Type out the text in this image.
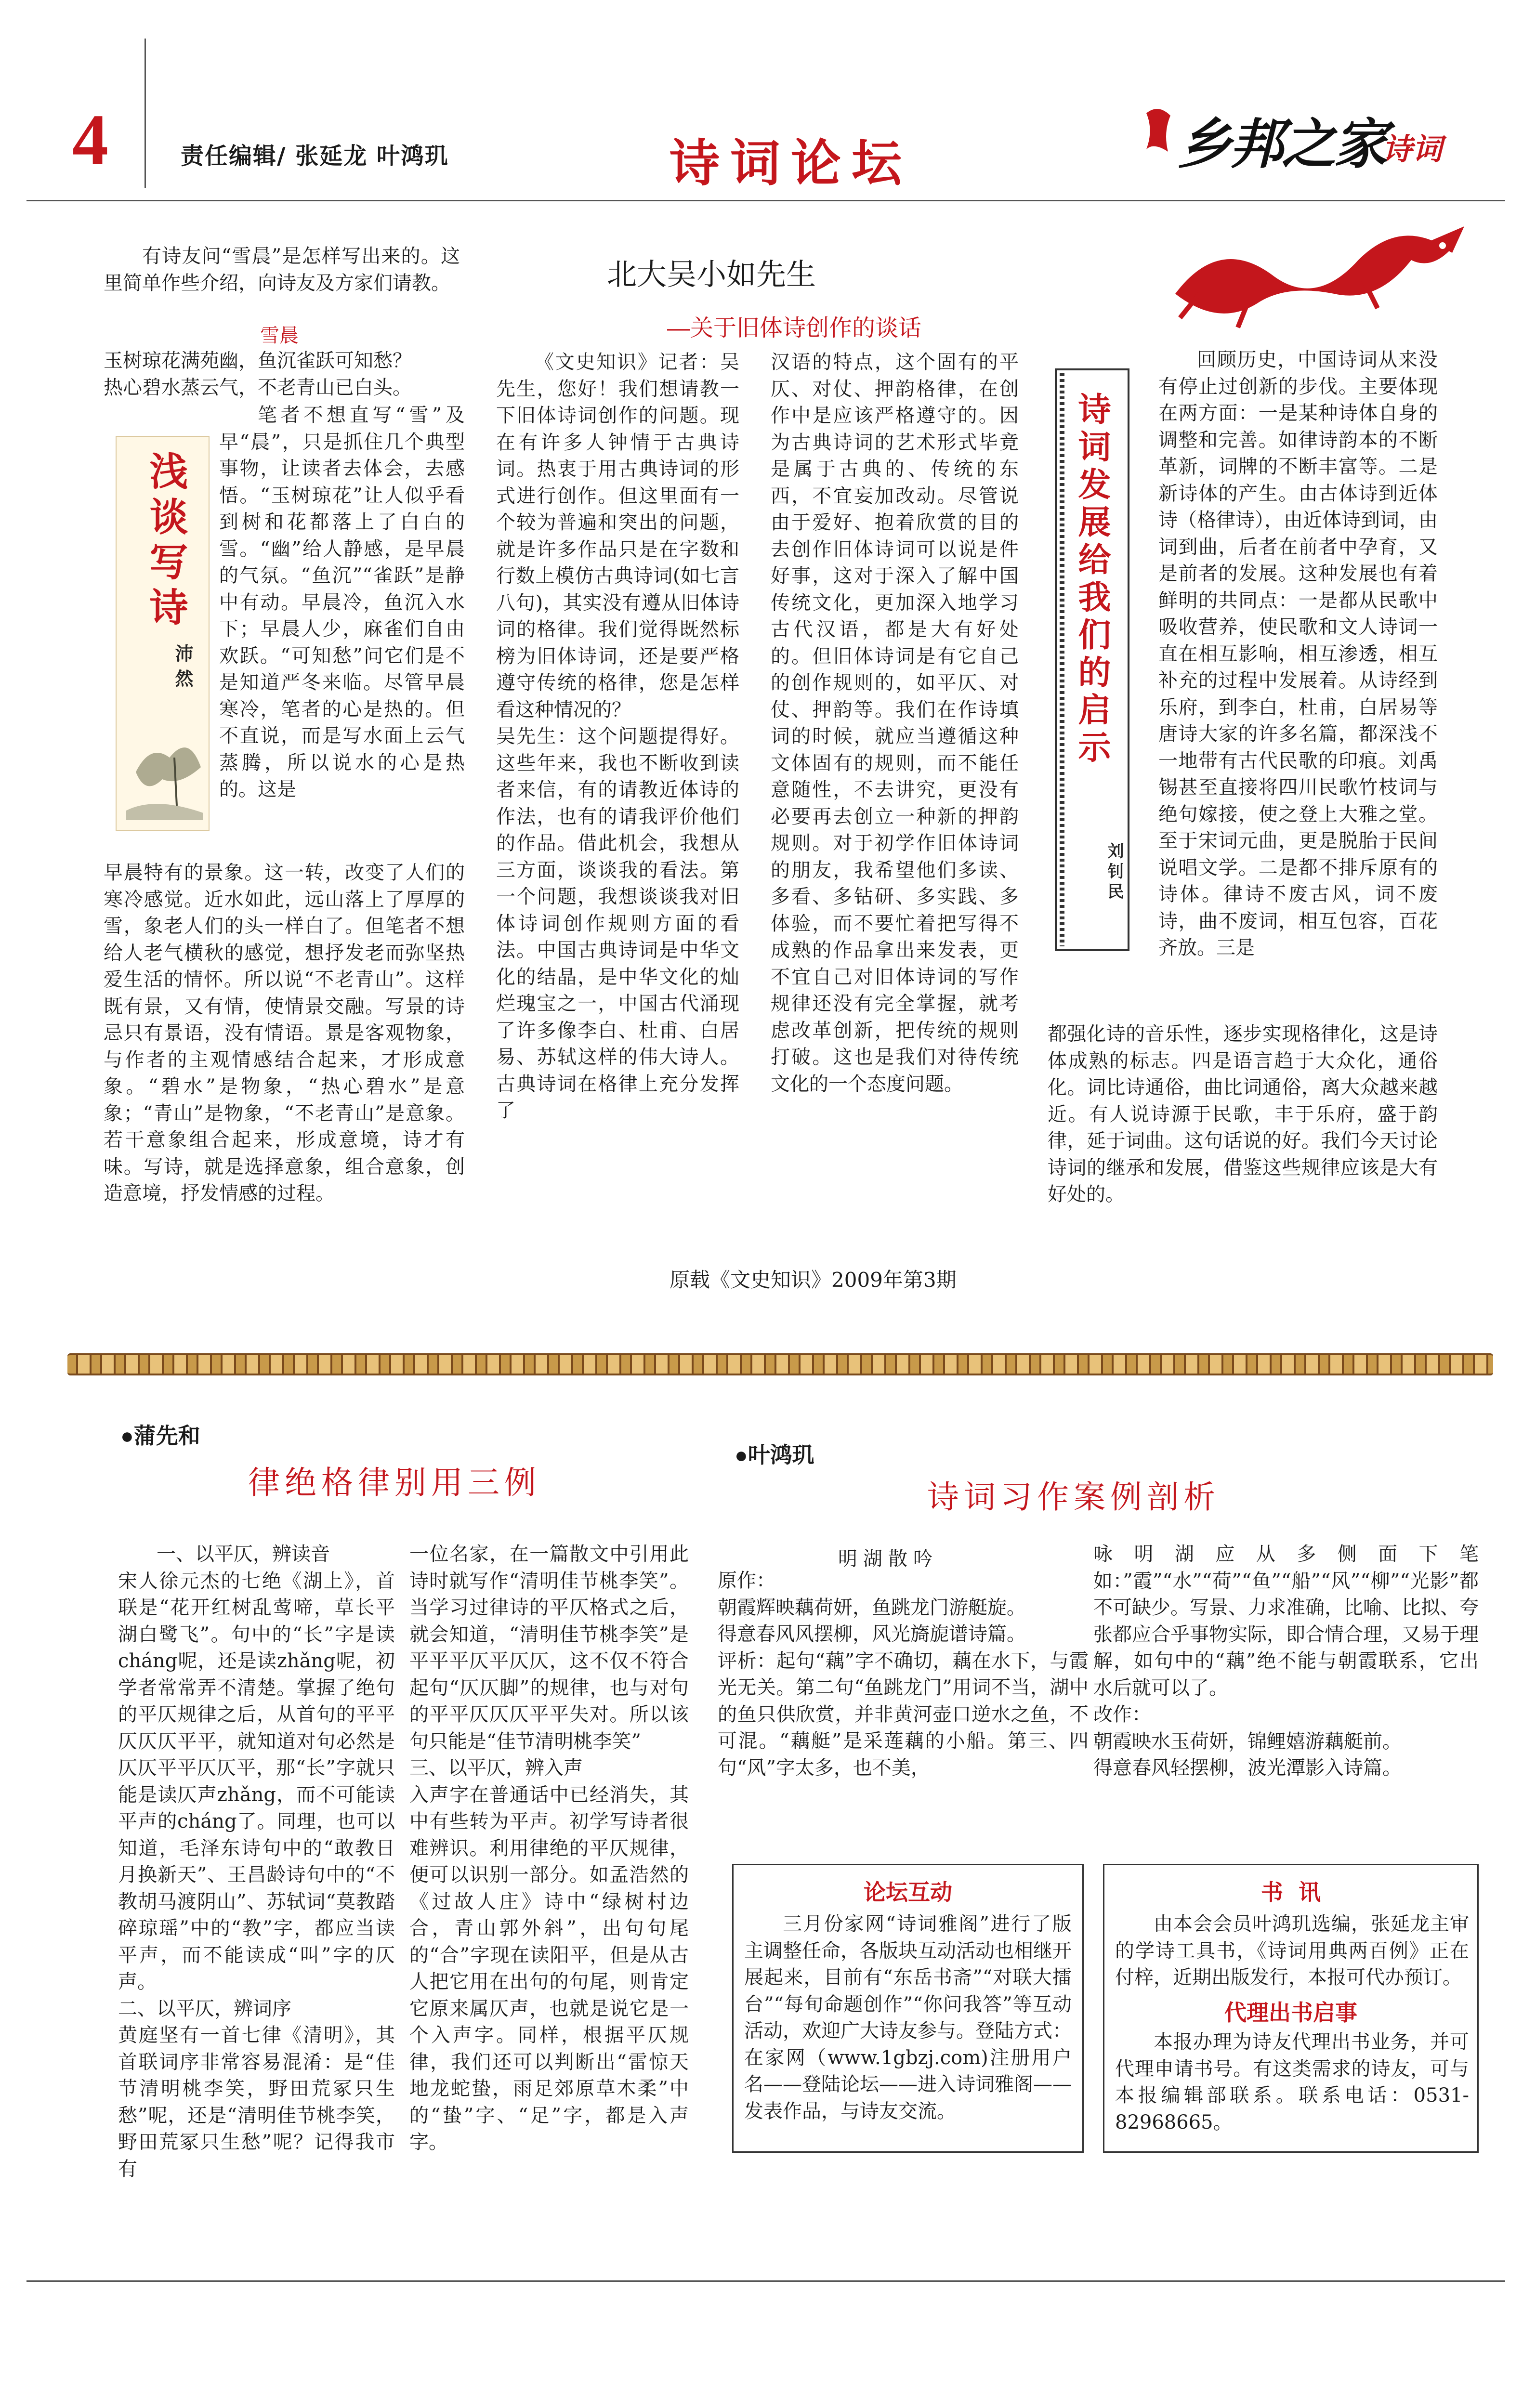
4	责任编辑/ 张延龙 叶鸿玑	诗词论坛	乡邦之家
诗词
有诗友问“雪晨”是怎样写出来的。这里简单作些介绍，向诗友及方家们请教。
雪晨
玉树琼花满苑幽，鱼沉雀跃可知愁？
热心碧水蒸云气，不老青山已白头。
浅谈写诗
沛然
笔者不想直写“雪”及早“晨”，只是抓住几个典型事物，让读者去体会，去感悟。“玉树琼花”让人似乎看到树和花都落上了白白的雪。“幽”给人静感，是早晨的气氛。“鱼沉”“雀跃”是静中有动。早晨冷，鱼沉入水下；早晨人少，麻雀们自由欢跃。“可知愁”问它们是不是知道严冬来临。尽管早晨寒冷，笔者的心是热的。但不直说，而是写水面上云气蒸腾，所以说水的心是热的。这是
早晨特有的景象。这一转，改变了人们的寒冷感觉。近水如此，远山落上了厚厚的雪，象老人们的头一样白了。但笔者不想给人老气横秋的感觉，想抒发老而弥坚热爱生活的情怀。所以说“不老青山”。这样既有景，又有情，使情景交融。写景的诗忌只有景语，没有情语。景是客观物象，与作者的主观情感结合起来，才形成意象。“碧水”是物象，“热心碧水”是意象；“青山”是物象，“不老青山”是意象。若干意象组合起来，形成意境，诗才有味。写诗，就是选择意象，组合意象，创造意境，抒发情感的过程。
北大吴小如先生
—关于旧体诗创作的谈话
《文史知识》记者：吴先生，您好！我们想请教一下旧体诗词创作的问题。现在有许多人钟情于古典诗词。热衷于用古典诗词的形式进行创作。但这里面有一个较为普遍和突出的问题，就是许多作品只是在字数和行数上模仿古典诗词(如七言八句)，其实没有遵从旧体诗词的格律。我们觉得既然标榜为旧体诗词，还是要严格遵守传统的格律，您是怎样看这种情况的？
吴先生：这个问题提得好。这些年来，我也不断收到读者来信，有的请教近体诗的作法，也有的请我评价他们的作品。借此机会，我想从三方面，谈谈我的看法。第一个问题，我想谈谈我对旧体诗词创作规则方面的看法。中国古典诗词是中华文化的结晶，是中华文化的灿烂瑰宝之一，中国古代涌现了许多像李白、杜甫、白居易、苏轼这样的伟大诗人。古典诗词在格律上充分发挥了
汉语的特点，这个固有的平仄、对仗、押韵格律，在创作中是应该严格遵守的。因为古典诗词的艺术形式毕竟是属于古典的、传统的东西，不宜妄加改动。尽管说由于爱好、抱着欣赏的目的去创作旧体诗词可以说是件好事，这对于深入了解中国传统文化，更加深入地学习古代汉语，都是大有好处的。但旧体诗词是有它自己的创作规则的，如平仄、对仗、押韵等。我们在作诗填词的时候，就应当遵循这种文体固有的规则，而不能任意随性，不去讲究，更没有必要再去创立一种新的押韵规则。对于初学作旧体诗词的朋友，我希望他们多读、多看、多钻研、多实践、多体验，而不要忙着把写得不成熟的作品拿出来发表，更不宜自己对旧体诗词的写作规律还没有完全掌握，就考虑改革创新，把传统的规则打破。这也是我们对待传统文化的一个态度问题。
原载《文史知识》2009年第3期
诗词发展给我们的启示
刘钊民
回顾历史，中国诗词从来没有停止过创新的步伐。主要体现在两方面：一是某种诗体自身的调整和完善。如律诗韵本的不断革新，词牌的不断丰富等。二是新诗体的产生。由古体诗到近体诗（格律诗），由近体诗到词，由词到曲，后者在前者中孕育，又是前者的发展。这种发展也有着鲜明的共同点：一是都从民歌中吸收营养，使民歌和文人诗词一直在相互影响，相互渗透，相互补充的过程中发展着。从诗经到乐府，到李白，杜甫，白居易等唐诗大家的许多名篇，都深浅不一地带有古代民歌的印痕。刘禹锡甚至直接将四川民歌竹枝词与绝句嫁接，使之登上大雅之堂。至于宋词元曲，更是脱胎于民间说唱文学。二是都不排斥原有的诗体。律诗不废古风，词不废诗，曲不废词，相互包容，百花齐放。三是
都强化诗的音乐性，逐步实现格律化，这是诗体成熟的标志。四是语言趋于大众化，通俗化。词比诗通俗，曲比词通俗，离大众越来越近。有人说诗源于民歌，丰于乐府，盛于韵律，延于词曲。这句话说的好。我们今天讨论诗词的继承和发展，借鉴这些规律应该是大有好处的。
●蒲先和
律绝格律别用三例
一、以平仄，辨读音
宋人徐元杰的七绝《湖上》，首联是“花开红树乱莺啼，草长平湖白鹭飞”。句中的“长”字是读cháng呢，还是读zhǎng呢，初学者常常弄不清楚。掌握了绝句的平仄规律之后，从首句的平平仄仄仄平平，就知道对句必然是仄仄平平仄仄平，那“长”字就只能是读仄声zhǎng，而不可能读平声的cháng了。同理，也可以知道，毛泽东诗句中的“敢教日月换新天”、王昌龄诗句中的“不教胡马渡阴山”、苏轼词“莫教踏碎琼瑶”中的“教”字，都应当读平声，而不能读成“叫”字的仄声。
二、以平仄，辨词序
黄庭坚有一首七律《清明》，其首联词序非常容易混淆：是“佳节清明桃李笑，野田荒冢只生愁”呢，还是“清明佳节桃李笑，野田荒冢只生愁”呢？记得我市有
一位名家，在一篇散文中引用此诗时就写作“清明佳节桃李笑”。当学习过律诗的平仄格式之后，就会知道，“清明佳节桃李笑”是平平平仄平仄仄，这不仅不符合起句“仄仄脚”的规律，也与对句的平平仄仄仄平平失对。所以该句只能是“佳节清明桃李笑”
三、以平仄，辨入声
入声字在普通话中已经消失，其中有些转为平声。初学写诗者很难辨识。利用律绝的平仄规律，便可以识别一部分。如孟浩然的《过故人庄》诗中“绿树村边合，青山郭外斜”，出句句尾的“合”字现在读阳平，但是从古人把它用在出句的句尾，则肯定它原来属仄声，也就是说它是一个入声字。同样，根据平仄规律，我们还可以判断出“雷惊天地龙蛇蛰，雨足郊原草木柔”中的“蛰”字、“足”字，都是入声字。
●叶鸿玑
诗词习作案例剖析
明湖散吟
原作：
朝霞辉映藕荷妍，鱼跳龙门游艇旋。
得意春风风摆柳，风光旖旎谱诗篇。
评析：起句“藕”字不确切，藕在水下，与霞光无关。第二句“鱼跳龙门”用词不当，湖中的鱼只供欣赏，并非黄河壶口逆水之鱼，不可混。“藕艇”是采莲藕的小船。第三、四句“风”字太多，也不美，
咏明湖应从多侧面下笔如：”霞”“水”“荷”“鱼”“船”“风”“柳”“光影”都不可缺少。写景、力求准确，比喻、比拟、夸张都应合乎事物实际，即合情合理，又易于理解，如句中的“藕”绝不能与朝霞联系，它出水后就可以了。
改作：
朝霞映水玉荷妍，锦鲤嬉游藕艇前。
得意春风轻摆柳，波光潭影入诗篇。
论坛互动
三月份家网“诗词雅阁”进行了版主调整任命，各版块互动活动也相继开展起来，目前有“东岳书斋”“对联大擂台”“每旬命题创作”“你问我答”等互动活动，欢迎广大诗友参与。登陆方式：在家网（www.1gbzj.com)注册用户名——登陆论坛——进入诗词雅阁——发表作品，与诗友交流。
书  讯
由本会会员叶鸿玑选编，张延龙主审的学诗工具书，《诗词用典两百例》正在付梓，近期出版发行，本报可代办预订。
代理出书启事
本报办理为诗友代理出书业务，并可代理申请书号。有这类需求的诗友，可与本报编辑部联系。联系电话：0531-82968665。
